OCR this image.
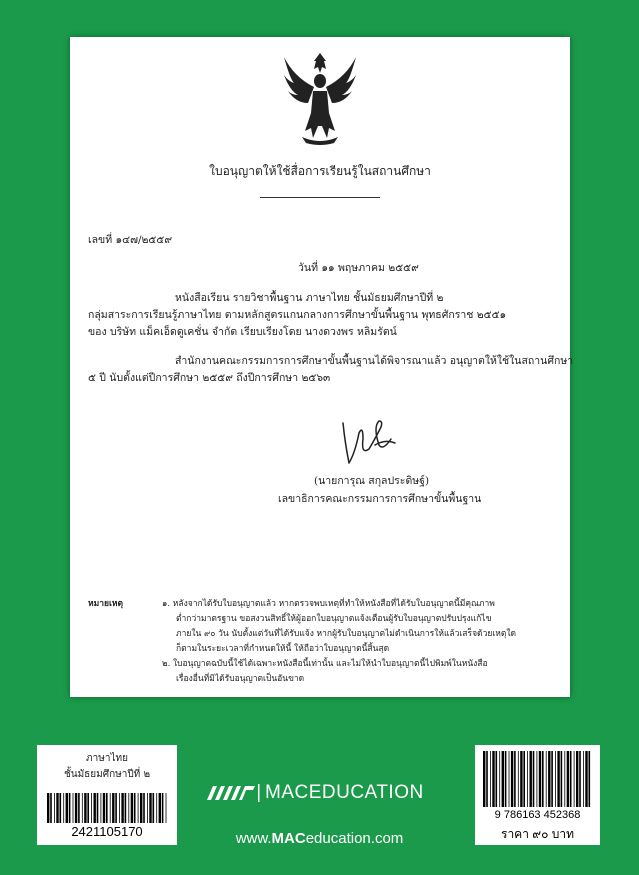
ใบอนุญาตให้ใช้สื่อการเรียนรู้ในสถานศึกษา
เลขที่ ๑๔๗/๒๕๕๙
วันที่ ๑๑ พฤษภาคม ๒๕๕๙
หนังสือเรียน รายวิชาพื้นฐาน ภาษาไทย ชั้นมัธยมศึกษาปีที่ ๒
กลุ่มสาระการเรียนรู้ภาษาไทย ตามหลักสูตรแกนกลางการศึกษาขั้นพื้นฐาน พุทธศักราช ๒๕๕๑
ของ บริษัท แม็คเอ็ดดูเคชั่น จำกัด เรียบเรียงโดย นางดวงพร หลิมรัตน์
สำนักงานคณะกรรมการการศึกษาขั้นพื้นฐานได้พิจารณาแล้ว อนุญาตให้ใช้ในสถานศึกษา
๕ ปี นับตั้งแต่ปีการศึกษา ๒๕๕๙ ถึงปีการศึกษา ๒๕๖๓
(นายการุณ สกุลประดิษฐ์)
เลขาธิการคณะกรรมการการศึกษาขั้นพื้นฐาน
หมายเหตุ	๑. หลังจากได้รับใบอนุญาตแล้ว หากตรวจพบเหตุที่ทำให้หนังสือที่ได้รับใบอนุญาตนี้มีคุณภาพ
ต่ำกว่ามาตรฐาน ขอสงวนสิทธิ์ให้ผู้ออกใบอนุญาตแจ้งเตือนผู้รับใบอนุญาตปรับปรุงแก้ไข
ภายใน ๙๐ วัน นับตั้งแต่วันที่ได้รับแจ้ง หากผู้รับใบอนุญาตไม่ดำเนินการให้แล้วเสร็จด้วยเหตุใด
ก็ตามในระยะเวลาที่กำหนดให้นี้ ให้ถือว่าใบอนุญาตนี้สิ้นสุด
๒. ใบอนุญาตฉบับนี้ใช้ได้เฉพาะหนังสือนี้เท่านั้น และไม่ให้นำใบอนุญาตนี้ไปพิมพ์ในหนังสือ
เรื่องอื่นที่มิได้รับอนุญาตเป็นอันขาด
ภาษาไทย
ชั้นมัธยมศึกษาปีที่ ๒
2421105170
9 786163 452368
ราคา ๙๐ บาท
MACEDUCATION
www.MACeducation.com
